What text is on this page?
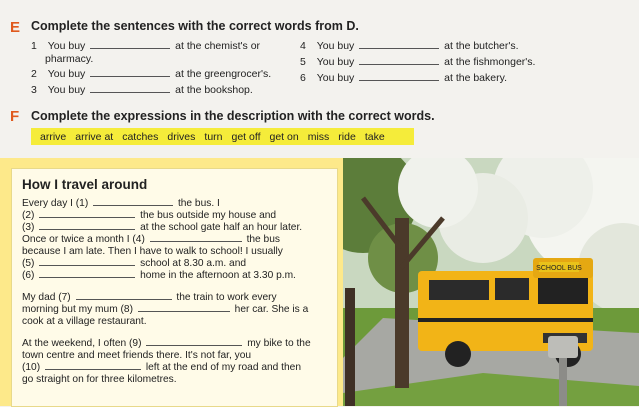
E Complete the sentences with the correct words from D.
1 You buy	at the chemist's or
pharmacy.
2 You buy	at the greengrocer's.
3 You buy	at the bookshop.
4 You buy	at the butcher's.
5 You buy	at the fishmonger's.
6 You buy	at the bakery.
F Complete the expressions in the description with the correct words.
arrive arrive at catches drives turn get off get on miss ride take
SCHOOL BUS
How I travel around
Every day I (1)	the bus. I
(2)	the bus outside my house and
(3)	at the school gate half an hour later.
Once or twice a month I (4)	the bus
because I am late. Then I have to walk to school! I usually
(5)	school at 8.30 a.m. and
(6)	home in the afternoon at 3.30 p.m.
My dad (7)	the train to work every
morning but my mum (8)	her car. She is a
cook at a village restaurant.
At the weekend, I often (9)	my bike to the
town centre and meet friends there. It's not far, you
(10)	left at the end of my road and then
go straight on for three kilometres.
